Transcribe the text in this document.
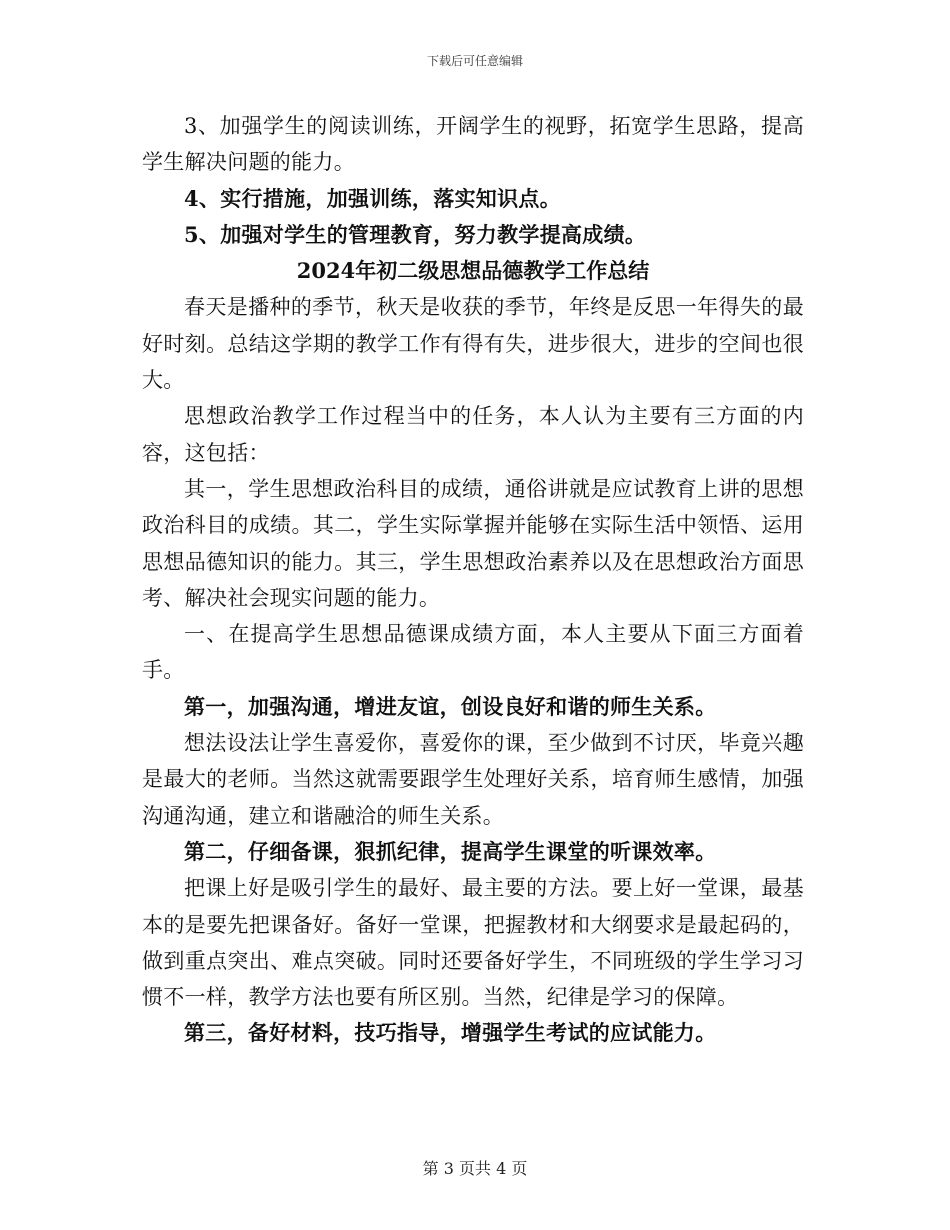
下载后可任意编辑

3、加强学生的阅读训练，开阔学生的视野，拓宽学生思路，提高学生解决问题的能力。

4、实行措施，加强训练，落实知识点。

5、加强对学生的管理教育，努力教学提高成绩。

2024年初二级思想品德教学工作总结

春天是播种的季节，秋天是收获的季节，年终是反思一年得失的最好时刻。总结这学期的教学工作有得有失，进步很大，进步的空间也很大。

思想政治教学工作过程当中的任务，本人认为主要有三方面的内容，这包括：

其一，学生思想政治科目的成绩，通俗讲就是应试教育上讲的思想政治科目的成绩。其二，学生实际掌握并能够在实际生活中领悟、运用思想品德知识的能力。其三，学生思想政治素养以及在思想政治方面思考、解决社会现实问题的能力。

一、在提高学生思想品德课成绩方面，本人主要从下面三方面着手。

第一，加强沟通，增进友谊，创设良好和谐的师生关系。

想法设法让学生喜爱你，喜爱你的课，至少做到不讨厌，毕竟兴趣是最大的老师。当然这就需要跟学生处理好关系，培育师生感情，加强沟通沟通，建立和谐融洽的师生关系。

第二，仔细备课，狠抓纪律，提高学生课堂的听课效率。

把课上好是吸引学生的最好、最主要的方法。要上好一堂课，最基本的是要先把课备好。备好一堂课，把握教材和大纲要求是最起码的，做到重点突出、难点突破。同时还要备好学生，不同班级的学生学习习惯不一样，教学方法也要有所区别。当然，纪律是学习的保障。

第三，备好材料，技巧指导，增强学生考试的应试能力。

第 3 页共 4 页
